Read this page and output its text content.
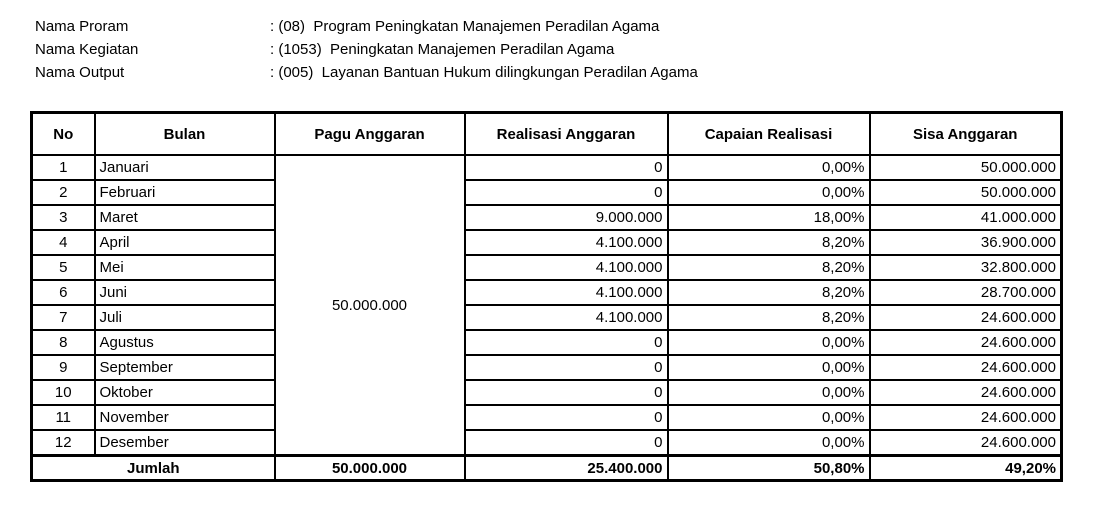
Nama Proram	: (08)  Program Peningkatan Manajemen Peradilan Agama
Nama Kegiatan	: (1053)  Peningkatan Manajemen Peradilan Agama
Nama Output	: (005)  Layanan Bantuan Hukum dilingkungan Peradilan Agama
No	Bulan	Pagu Anggaran	Realisasi Anggaran	Capaian Realisasi	Sisa Anggaran
1	Januari	50.000.000	0	0,00%	50.000.000
2	Februari		0	0,00%	50.000.000
3	Maret		9.000.000	18,00%	41.000.000
4	April		4.100.000	8,20%	36.900.000
5	Mei		4.100.000	8,20%	32.800.000
6	Juni		4.100.000	8,20%	28.700.000
7	Juli		4.100.000	8,20%	24.600.000
8	Agustus		0	0,00%	24.600.000
9	September		0	0,00%	24.600.000
10	Oktober		0	0,00%	24.600.000
11	November		0	0,00%	24.600.000
12	Desember		0	0,00%	24.600.000
Jumlah		50.000.000	25.400.000	50,80%	49,20%
